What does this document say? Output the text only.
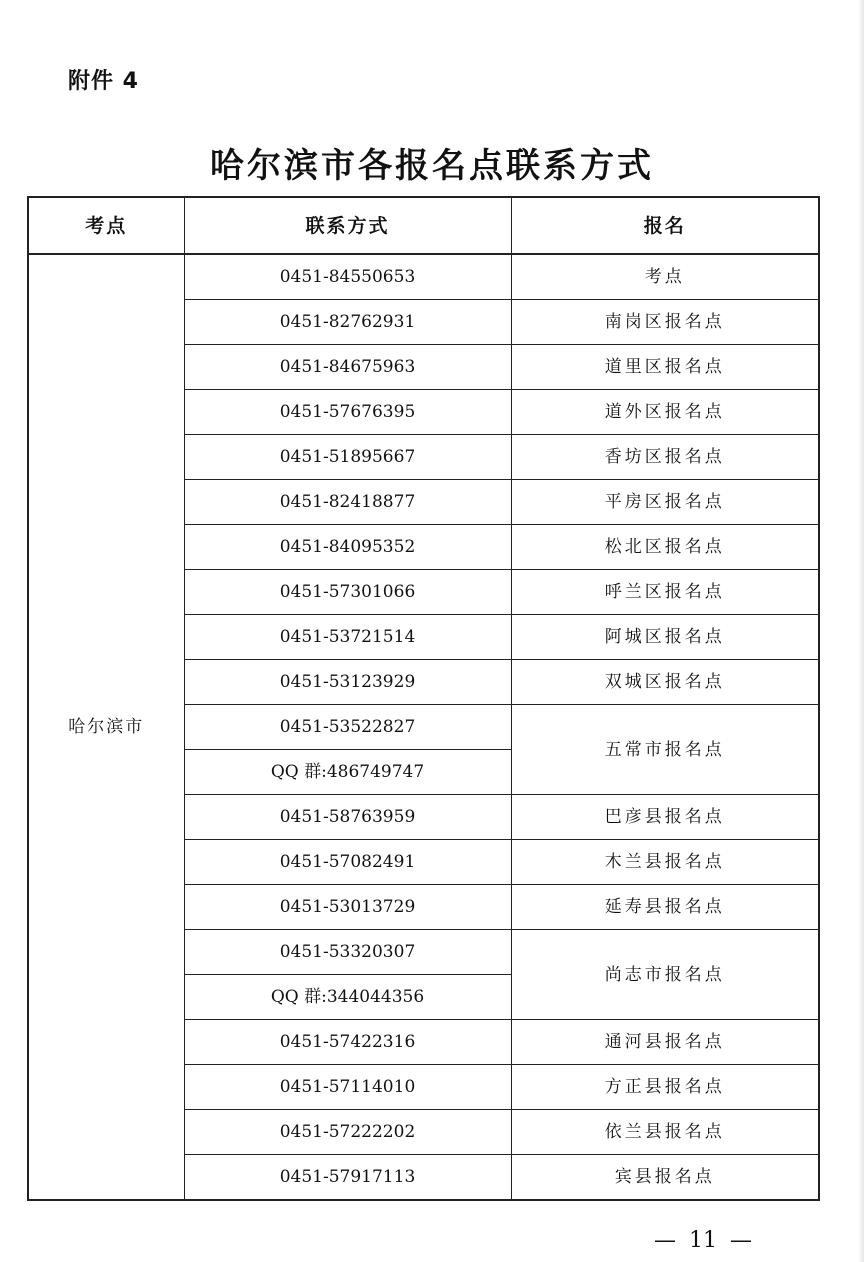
附件 4
哈尔滨市各报名点联系方式
考点	联系方式	报名
哈尔滨市	0451-84550653	考点
	0451-82762931	南岗区报名点
	0451-84675963	道里区报名点
	0451-57676395	道外区报名点
	0451-51895667	香坊区报名点
	0451-82418877	平房区报名点
	0451-84095352	松北区报名点
	0451-57301066	呼兰区报名点
	0451-53721514	阿城区报名点
	0451-53123929	双城区报名点
	0451-53522827	五常市报名点
	QQ 群:486749747	
	0451-58763959	巴彦县报名点
	0451-57082491	木兰县报名点
	0451-53013729	延寿县报名点
	0451-53320307	尚志市报名点
	QQ 群:344044356	
	0451-57422316	通河县报名点
	0451-57114010	方正县报名点
	0451-57222202	依兰县报名点
	0451-57917113	宾县报名点
— 11 —
